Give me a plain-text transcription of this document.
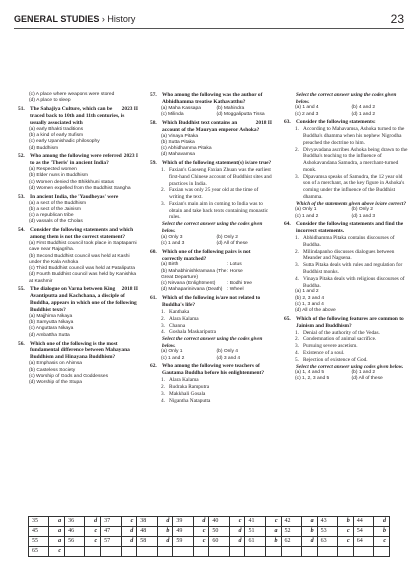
GENERAL STUDIES › History	23
(c) A place where weapons were stored
(d) A place to sleep
51.	2023 II
The Sahajiya Culture, which can be traced back to 10th and 11th centuries, is usually associated with
(a) early Bhakti traditions
(b) a kind of early Sufism
(c) early Upanishadic philosophy
(d) Buddhism
52.	2023 I
Who among the following were referred to as the 'Theris' in ancient India?
(a) Respected women
(b) Elder nuns in Buddhism
(c) Women denied the Bhikkhuni status
(d) Women expelled from the Buddhist Sangha
53. In ancient India, the 'Yaudheyas' were
(a) a sect of the Buddhism
(b) a sect of the Jainism
(c) a republican tribe
(d) vassals of the Cholas
54. Consider the following statements and which among them is not the correct statement?
(a) First Buddhist council took place in Saptaparni cave near Rajagriha.
(b) Second Buddhist council was held at Kashi under the Kala Ashoka
(c) Third Buddhist council was held at Pataliputra
(d) Fourth Buddhist council was held by Kanishka at Kashmir
55.	2018 II
The dialogue on Varna between King Avantiputta and Kachchana, a disciple of Buddha, appears in which one of the following Buddhist texts?
(a) Majjhima Nikaya
(b) Samyutta Nikaya
(c) Anguttara Nikaya
(d) Ambattha Sutta
56. Which one of the following is the most fundamental difference between Mahayana Buddhism and Hinayana Buddhism?
(a) Emphasis on Ahimsa
(b) Casteless Society
(c) Worship of Gods and Goddesses
(d) Worship of the Stupa
57. Who among the following was the author of Abhidhamma treatise Kathavatthu?
(a) Maha Kassapa	(b) Mahindra
(c) Milinda	(d) Moggaliputta Tissa
58.	2018 II
Which Buddhist text contains an account of the Mauryan emperor Ashoka?
(a) Vinaya Pitaka
(b) Sutta Pitaka
(c) Abhidhamma Pitaka
(d) Mahavamsa
59. Which of the following statement(s) is/are true?
1. Faxian's Gaoseng Faxian Zhuan was the earliest first-hand Chinese account of Buddhist sites and practices in India.
2. Faxian was only 25 year old at the time of writing the text.
3. Faxian's main aim in coming to India was to obtain and take back texts containing monastic rules.
Select the correct answer using the codes given below.
(a) Only 3	(b) Only 2
(c) 1 and 3	(d) All of these
60. Which one of the following pairs is not correctly matched?
(a) Birth	: Lotus
(b) Mahabhinishkramana (The Great Departure)
: Horse
(c) Nirvana (Enlightment)	: Bodhi tree
(d) Mahaparinirvana (Death) : Wheel
61. Which of the following is/are not related to Buddha's life?
1. Kanthaka
2. Alara Kalama
3. Channa
4. Goshala Maskariputra
Select the correct answer using the codes given below.
(a) Only 1	(b) Only 4
(c) 1 and 2	(d) 3 and 4
62. Who among the following were teachers of Gautama Buddha before his enlightenment?
1. Alara Kalama
2. Rudraka Ramputra
3. Makkhali Gosala
4. Nigantha Nataputta
Select the correct answer using the codes given below.
(a) 1 and 4	(b) 4 and 2
(c) 2 and 3	(d) 1 and 2
63. Consider the following statements:
1. According to Mahavamsa, Ashoka turned to the Buddha's dhamma when his nephew Nigrodha preached the doctrine to him.
2. Divyavadana ascribes Ashoka being drawn to the Buddha's teaching to the influence of Ashokavandana Samudra, a merchant-turned monk.
3. Dipavamsa speaks of Samudra, the 12 year old son of a merchant, as the key figure in Ashoka's coming under the influence of the Buddhist dhamma.
Which of the statements given above is/are correct?
(a) Only 1	(b) Only 2
(c) 1 and 2	(d) 1 and 3
64. Consider the following statements and find the incorrect statements.
1. Abhidhamma Pitaka contains discourses of Buddha.
2. Milindapanho discusses dialogues between Meander and Nagsena.
3. Sutta Pitaka deals with rules and regulation for Buddhist monks.
4. Vinaya Pitaka deals with religious discourses of Buddha.
(a) 1 and 2
(b) 2, 3 and 4
(c) 1, 3 and 4
(d) All of the above
65. Which of the following features are common to Jainism and Buddhism?
1. Denial of the authority of the Vedas.
2. Condemnation of animal sacrifice.
3. Pursuing severe ascetism.
4. Existence of a soul.
5. Rejection of existence of God.
Select the correct answer using codes given below.
(a) 1, 4 and 5	(b) 1 and 2
(c) 1, 2, 3 and 5	(d) All of these
35	a	36	d	37	c	38	d	39	d	40	c	41	c	42	a	43	b	44	d
45	a	46	c	47	d	48	b	49	c	50	d	51	a	52	b	53	c	54	b
55	a	56	c	57	d	58	d	59	c	60	d	61	b	62	d	63	c	64	c
65	c																		
